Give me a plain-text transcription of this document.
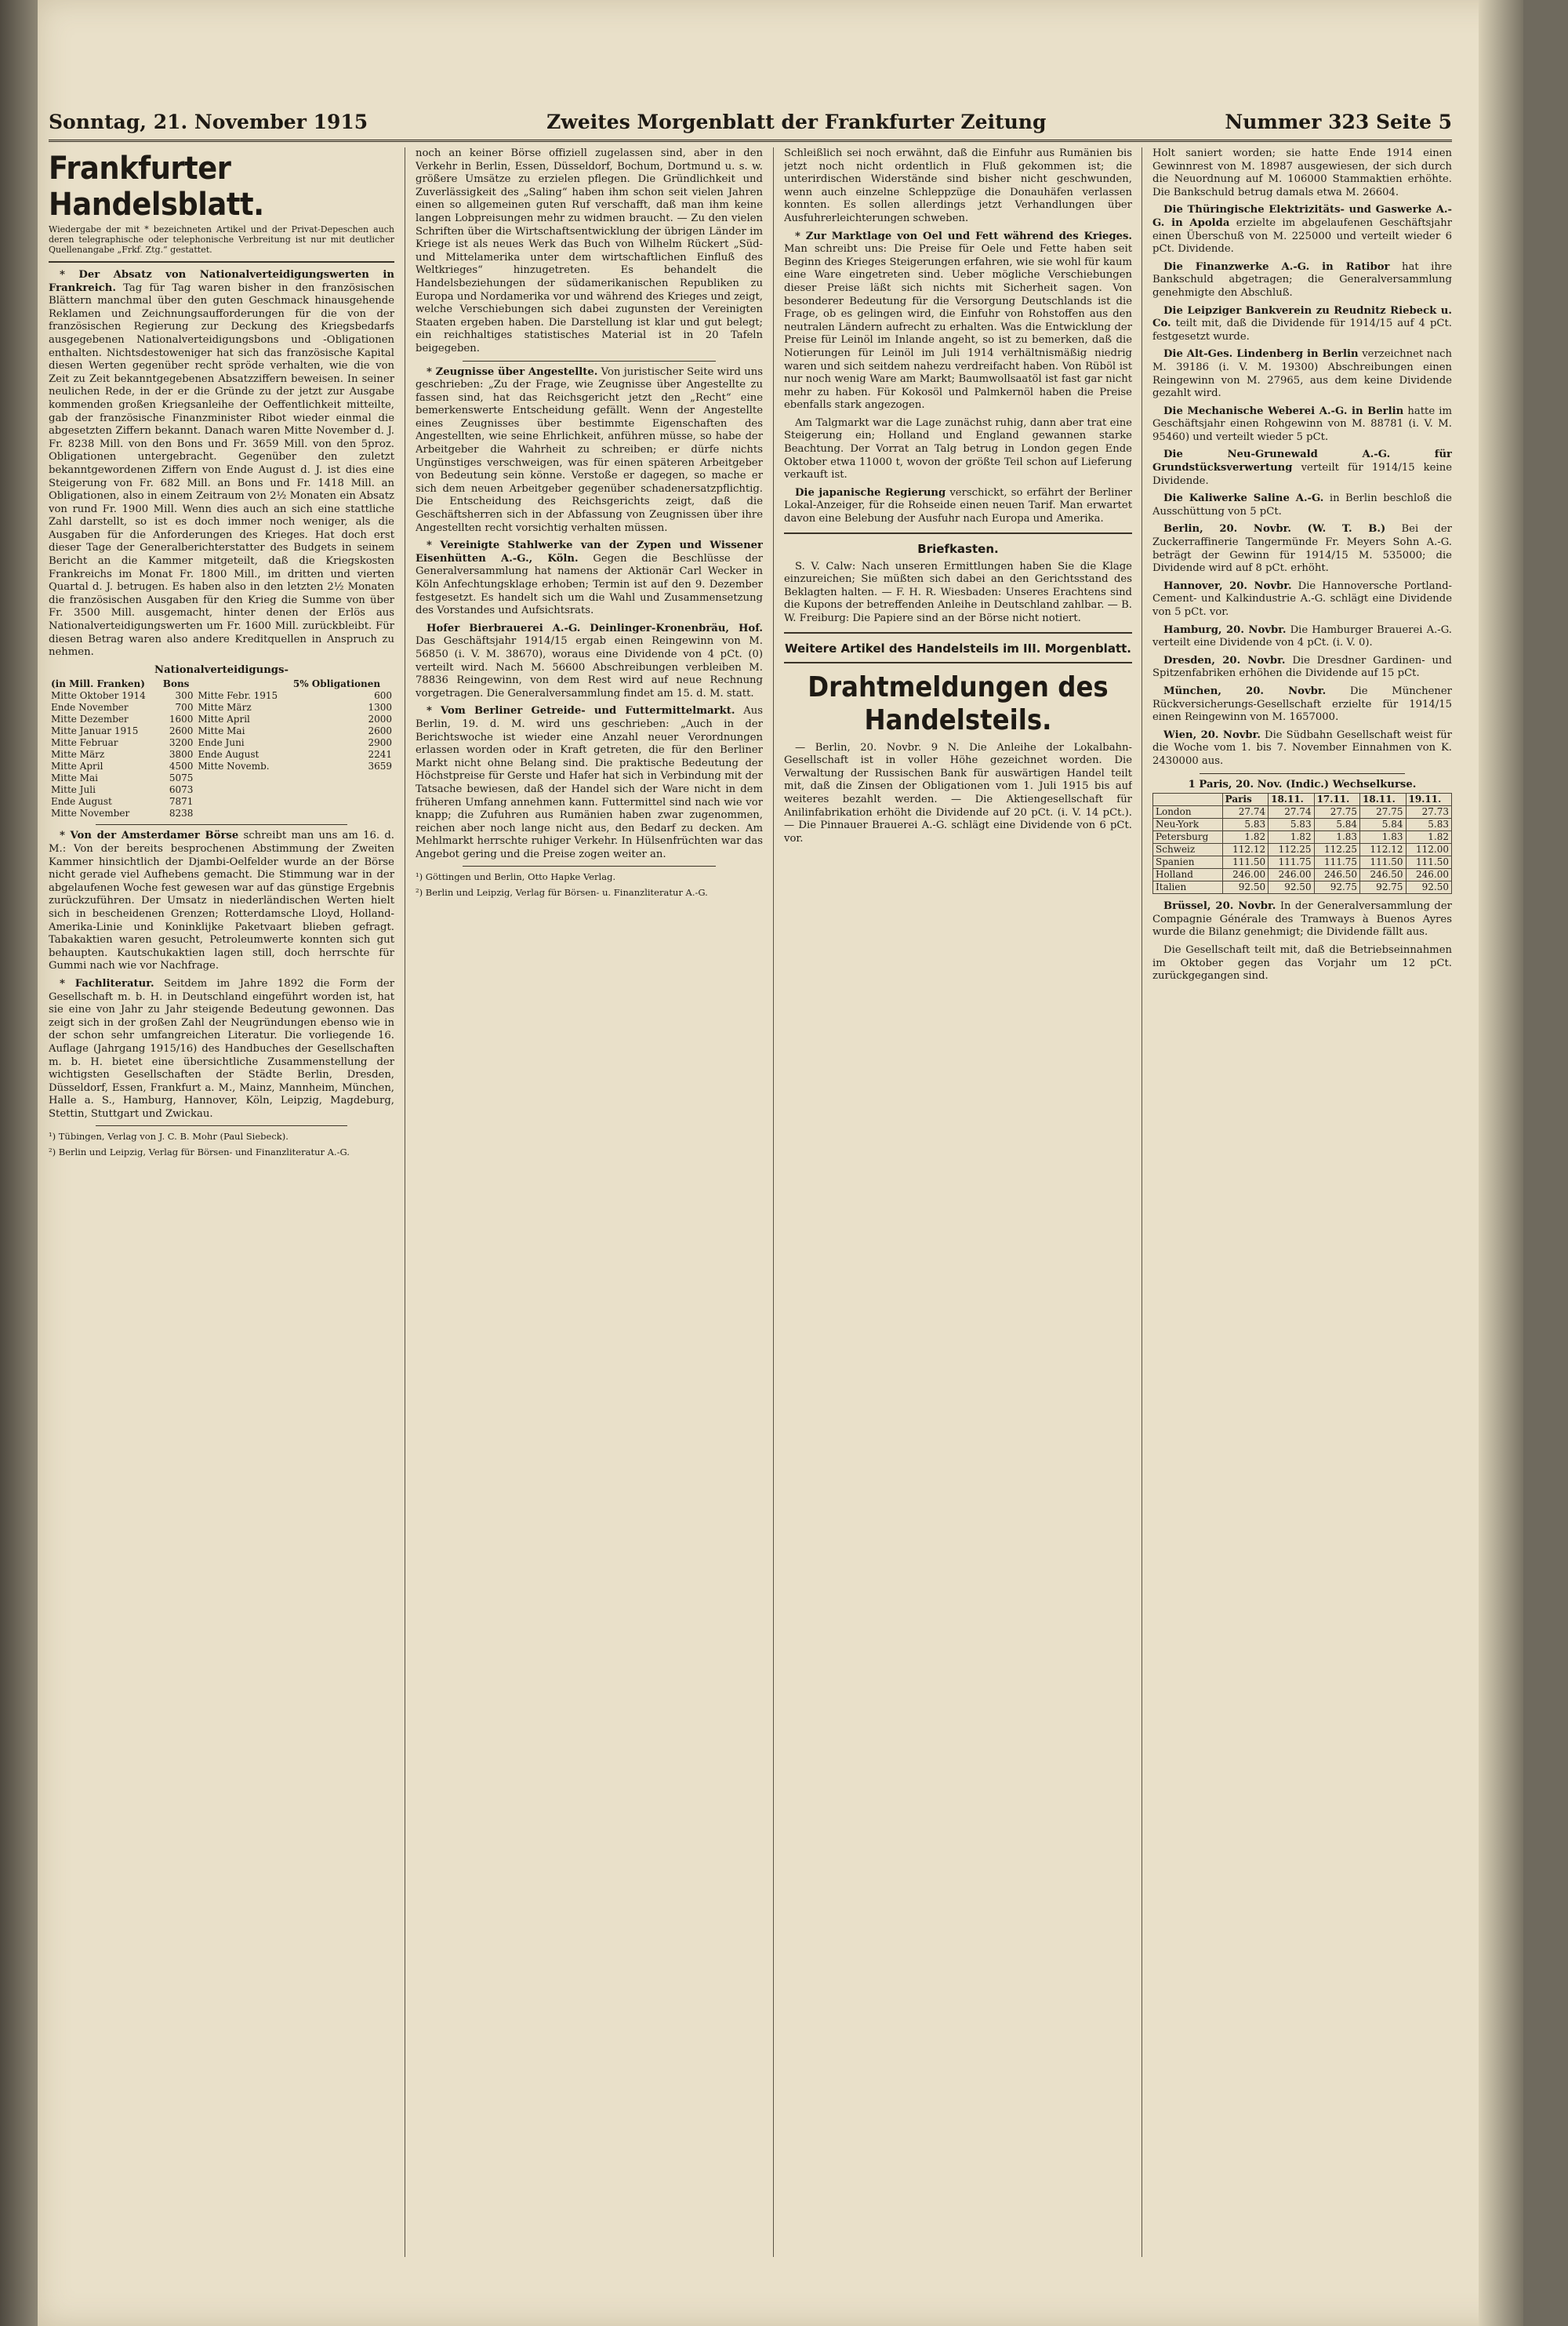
Sonntag, 21. November 1915	Zweites Morgenblatt der Frankfurter Zeitung	Nummer 323 Seite 5
Frankfurter Handelsblatt.
Wiedergabe der mit * bezeichneten Artikel und der Privat-Depeschen auch deren telegraphische oder telephonische Verbreitung ist nur mit deutlicher Quellenangabe „Frkf. Ztg.“ gestattet.

* Der Absatz von Nationalverteidigungswerten in Frankreich. Tag für Tag waren bisher in den französischen Blättern manchmal über den guten Geschmack hinausgehende Reklamen und Zeichnungsaufforderungen für die von der französischen Regierung zur Deckung des Kriegsbedarfs ausgegebenen Nationalverteidigungsbons und -Obligationen enthalten. Nichtsdestoweniger hat sich das französische Kapital diesen Werten gegenüber recht spröde verhalten, wie die von Zeit zu Zeit bekanntgegebenen Absatzziffern beweisen. In seiner neulichen Rede, in der er die Gründe zu der jetzt zur Ausgabe kommenden großen Kriegsanleihe der Oeffentlichkeit mitteilte, gab der französische Finanzminister Ribot wieder einmal die abgesetzten Ziffern bekannt. Danach waren Mitte November d. J. Fr. 8238 Mill. von den Bons und Fr. 3659 Mill. von den 5proz. Obligationen untergebracht. Gegenüber den zuletzt bekanntgewordenen Ziffern von Ende August d. J. ist dies eine Steigerung von Fr. 682 Mill. an Bons und Fr. 1418 Mill. an Obligationen, also in einem Zeitraum von 2½ Monaten ein Absatz von rund Fr. 1900 Mill. Wenn dies auch an sich eine stattliche Zahl darstellt, so ist es doch immer noch weniger, als die Ausgaben für die Anforderungen des Krieges. Hat doch erst dieser Tage der Generalberichterstatter des Budgets in seinem Bericht an die Kammer mitgeteilt, daß die Kriegskosten Frankreichs im Monat Fr. 1800 Mill., im dritten und vierten Quartal d. J. betrugen. Es haben also in den letzten 2½ Monaten die französischen Ausgaben für den Krieg die Summe von über Fr. 3500 Mill. ausgemacht, hinter denen der Erlös aus Nationalverteidigungswerten um Fr. 1600 Mill. zurückbleibt. Für diesen Betrag waren also andere Kreditquellen in Anspruch zu nehmen.

Nationalverteidigungs-
(in Mill. Franken)	Bons		5% Obligationen
Mitte Oktober 1914	300	Mitte Febr. 1915	600
Ende November	700	Mitte März	1300
Mitte Dezember	1600	Mitte April	2000
Mitte Januar 1915	2600	Mitte Mai	2600
Mitte Februar	3200	Ende Juni	2900
Mitte März	3800	Ende August	2241
Mitte April	4500	Mitte Novemb.	3659
Mitte Mai	5075		
Mitte Juli	6073		
Ende August	7871		
Mitte November	8238		

* Von der Amsterdamer Börse schreibt man uns am 16. d. M.: Von der bereits besprochenen Abstimmung der Zweiten Kammer hinsichtlich der Djambi-Oelfelder wurde an der Börse nicht gerade viel Aufhebens gemacht. Die Stimmung war in der abgelaufenen Woche fest gewesen war auf das günstige Ergebnis zurückzuführen. Der Umsatz in niederländischen Werten hielt sich in bescheidenen Grenzen; Rotterdamsche Lloyd, Holland-Amerika-Linie und Koninklijke Paketvaart blieben gefragt. Tabakaktien waren gesucht, Petroleumwerte konnten sich gut behaupten. Kautschukaktien lagen still, doch herrschte für Gummi nach wie vor Nachfrage.

* Fachliteratur. Seitdem im Jahre 1892 die Form der Gesellschaft m. b. H. in Deutschland eingeführt worden ist, hat sie eine von Jahr zu Jahr steigende Bedeutung gewonnen. Das zeigt sich in der großen Zahl der Neugründungen ebenso wie in der schon sehr umfangreichen Literatur. Die vorliegende 16. Auflage (Jahrgang 1915/16) des Handbuches der Gesellschaften m. b. H. bietet eine übersichtliche Zusammenstellung der wichtigsten Gesellschaften der Städte Berlin, Dresden, Düsseldorf, Essen, Frankfurt a. M., Mainz, Mannheim, München, Halle a. S., Hamburg, Hannover, Köln, Leipzig, Magdeburg, Stettin, Stuttgart und Zwickau.

¹) Tübingen, Verlag von J. C. B. Mohr (Paul Siebeck).
²) Berlin und Leipzig, Verlag für Börsen- und Finanzliteratur A.-G.

noch an keiner Börse offiziell zugelassen sind, aber in den Verkehr in Berlin, Essen, Düsseldorf, Bochum, Dortmund u. s. w. größere Umsätze zu erzielen pflegen. Die Gründlichkeit und Zuverlässigkeit des „Saling“ haben ihm schon seit vielen Jahren einen so allgemeinen guten Ruf verschafft, daß man ihm keine langen Lobpreisungen mehr zu widmen braucht. — Zu den vielen Schriften über die Wirtschaftsentwicklung der übrigen Länder im Kriege ist als neues Werk das Buch von Wilhelm Rückert „Süd- und Mittelamerika unter dem wirtschaftlichen Einfluß des Weltkrieges“ hinzugetreten. Es behandelt die Handelsbeziehungen der südamerikanischen Republiken zu Europa und Nordamerika vor und während des Krieges und zeigt, welche Verschiebungen sich dabei zugunsten der Vereinigten Staaten ergeben haben. Die Darstellung ist klar und gut belegt; ein reichhaltiges statistisches Material ist in 20 Tafeln beigegeben.

* Zeugnisse über Angestellte. Von juristischer Seite wird uns geschrieben: „Zu der Frage, wie Zeugnisse über Angestellte zu fassen sind, hat das Reichsgericht jetzt den „Recht“ eine bemerkenswerte Entscheidung gefällt. Wenn der Angestellte eines Zeugnisses über bestimmte Eigenschaften des Angestellten, wie seine Ehrlichkeit, anführen müsse, so habe der Arbeitgeber die Wahrheit zu schreiben; er dürfe nichts Ungünstiges verschweigen, was für einen späteren Arbeitgeber von Bedeutung sein könne. Verstoße er dagegen, so mache er sich dem neuen Arbeitgeber gegenüber schadenersatzpflichtig. Die Entscheidung des Reichsgerichts zeigt, daß die Geschäftsherren sich in der Abfassung von Zeugnissen über ihre Angestellten recht vorsichtig verhalten müssen.

* Vereinigte Stahlwerke van der Zypen und Wissener Eisenhütten A.-G., Köln. Gegen die Beschlüsse der Generalversammlung hat namens der Aktionär Carl Wecker in Köln Anfechtungsklage erhoben; Termin ist auf den 9. Dezember festgesetzt. Es handelt sich um die Wahl und Zusammensetzung des Vorstandes und Aufsichtsrats.

Hofer Bierbrauerei A.-G. Deinlinger-Kronenbräu, Hof. Das Geschäftsjahr 1914/15 ergab einen Reingewinn von M. 56850 (i. V. M. 38670), woraus eine Dividende von 4 pCt. (0) verteilt wird. Nach M. 56600 Abschreibungen verbleiben M. 78836 Reingewinn, von dem Rest wird auf neue Rechnung vorgetragen. Die Generalversammlung findet am 15. d. M. statt.

* Vom Berliner Getreide- und Futtermittelmarkt. Aus Berlin, 19. d. M. wird uns geschrieben: „Auch in der Berichtswoche ist wieder eine Anzahl neuer Verordnungen erlassen worden oder in Kraft getreten, die für den Berliner Markt nicht ohne Belang sind. Die praktische Bedeutung der Höchstpreise für Gerste und Hafer hat sich in Verbindung mit der Tatsache bewiesen, daß der Handel sich der Ware nicht in dem früheren Umfang annehmen kann. Futtermittel sind nach wie vor knapp; die Zufuhren aus Rumänien haben zwar zugenommen, reichen aber noch lange nicht aus, den Bedarf zu decken. Am Mehlmarkt herrschte ruhiger Verkehr. In Hülsenfrüchten war das Angebot gering und die Preise zogen weiter an.

¹) Göttingen und Berlin, Otto Hapke Verlag.
²) Berlin und Leipzig, Verlag für Börsen- u. Finanzliteratur A.-G.

Schleißlich sei noch erwähnt, daß die Einfuhr aus Rumänien bis jetzt noch nicht ordentlich in Fluß gekommen ist; die unterirdischen Widerstände sind bisher nicht geschwunden, wenn auch einzelne Schleppzüge die Donauhäfen verlassen konnten. Es sollen allerdings jetzt Verhandlungen über Ausfuhrerleichterungen schweben.

* Zur Marktlage von Oel und Fett während des Krieges. Man schreibt uns: Die Preise für Oele und Fette haben seit Beginn des Krieges Steigerungen erfahren, wie sie wohl für kaum eine Ware eingetreten sind. Ueber mögliche Verschiebungen dieser Preise läßt sich nichts mit Sicherheit sagen. Von besonderer Bedeutung für die Versorgung Deutschlands ist die Frage, ob es gelingen wird, die Einfuhr von Rohstoffen aus den neutralen Ländern aufrecht zu erhalten. Was die Entwicklung der Preise für Leinöl im Inlande angeht, so ist zu bemerken, daß die Notierungen für Leinöl im Juli 1914 verhältnismäßig niedrig waren und sich seitdem nahezu verdreifacht haben. Von Rüböl ist nur noch wenig Ware am Markt; Baumwollsaatöl ist fast gar nicht mehr zu haben. Für Kokosöl und Palmkernöl haben die Preise ebenfalls stark angezogen.

Am Talgmarkt war die Lage zunächst ruhig, dann aber trat eine Steigerung ein; Holland und England gewannen starke Beachtung. Der Vorrat an Talg betrug in London gegen Ende Oktober etwa 11000 t, wovon der größte Teil schon auf Lieferung verkauft ist.

Die japanische Regierung verschickt, so erfährt der Berliner Lokal-Anzeiger, für die Rohseide einen neuen Tarif. Man erwartet davon eine Belebung der Ausfuhr nach Europa und Amerika.

Briefkasten.

S. V. Calw: Nach unseren Ermittlungen haben Sie die Klage einzureichen; Sie müßten sich dabei an den Gerichtsstand des Beklagten halten. — F. H. R. Wiesbaden: Unseres Erachtens sind die Kupons der betreffenden Anleihe in Deutschland zahlbar. — B. W. Freiburg: Die Papiere sind an der Börse nicht notiert.

Weitere Artikel des Handelsteils im III. Morgenblatt.
Drahtmeldungen des Handelsteils.

— Berlin, 20. Novbr. 9 N. Die Anleihe der Lokalbahn-Gesellschaft ist in voller Höhe gezeichnet worden. Die Verwaltung der Russischen Bank für auswärtigen Handel teilt mit, daß die Zinsen der Obligationen vom 1. Juli 1915 bis auf weiteres bezahlt werden. — Die Aktiengesellschaft für Anilinfabrikation erhöht die Dividende auf 20 pCt. (i. V. 14 pCt.). — Die Pinnauer Brauerei A.-G. schlägt eine Dividende von 6 pCt. vor.

Holt saniert worden; sie hatte Ende 1914 einen Gewinnrest von M. 18987 ausgewiesen, der sich durch die Neuordnung auf M. 106000 Stammaktien erhöhte. Die Bankschuld betrug damals etwa M. 26604.

Die Thüringische Elektrizitäts- und Gaswerke A.-G. in Apolda erzielte im abgelaufenen Geschäftsjahr einen Überschuß von M. 225000 und verteilt wieder 6 pCt. Dividende.

Die Finanzwerke A.-G. in Ratibor hat ihre Bankschuld abgetragen; die Generalversammlung genehmigte den Abschluß.

Die Leipziger Bankverein zu Reudnitz Riebeck u. Co. teilt mit, daß die Dividende für 1914/15 auf 4 pCt. festgesetzt wurde.

Die Alt-Ges. Lindenberg in Berlin verzeichnet nach M. 39186 (i. V. M. 19300) Abschreibungen einen Reingewinn von M. 27965, aus dem keine Dividende gezahlt wird.

Die Mechanische Weberei A.-G. in Berlin hatte im Geschäftsjahr einen Rohgewinn von M. 88781 (i. V. M. 95460) und verteilt wieder 5 pCt.

Die Neu-Grunewald A.-G. für Grundstücksverwertung verteilt für 1914/15 keine Dividende.

Die Kaliwerke Saline A.-G. in Berlin beschloß die Ausschüttung von 5 pCt.

Berlin, 20. Novbr. (W. T. B.) Bei der Zuckerraffinerie Tangermünde Fr. Meyers Sohn A.-G. beträgt der Gewinn für 1914/15 M. 535000; die Dividende wird auf 8 pCt. erhöht.

Hannover, 20. Novbr. Die Hannoversche Portland-Cement- und Kalkindustrie A.-G. schlägt eine Dividende von 5 pCt. vor.

Hamburg, 20. Novbr. Die Hamburger Brauerei A.-G. verteilt eine Dividende von 4 pCt. (i. V. 0).

Dresden, 20. Novbr. Die Dresdner Gardinen- und Spitzenfabriken erhöhen die Dividende auf 15 pCt.

München, 20. Novbr. Die Münchener Rückversicherungs-Gesellschaft erzielte für 1914/15 einen Reingewinn von M. 1657000.

Wien, 20. Novbr. Die Südbahn Gesellschaft weist für die Woche vom 1. bis 7. November Einnahmen von K. 2430000 aus.

1 Paris, 20. Nov. (Indic.) Wechselkurse.
	Paris	18.11.	17.11.	18.11.	19.11.
London	27.74	27.74	27.75	27.75	27.73
Neu-York	5.83	5.83	5.84	5.84	5.83
Petersburg	1.82	1.82	1.83	1.83	1.82
Schweiz	112.12	112.25	112.25	112.12	112.00
Spanien	111.50	111.75	111.75	111.50	111.50
Holland	246.00	246.00	246.50	246.50	246.00
Italien	92.50	92.50	92.75	92.75	92.50

Brüssel, 20. Novbr. In der Generalversammlung der Compagnie Générale des Tramways à Buenos Ayres wurde die Bilanz genehmigt; die Dividende fällt aus.

Die Gesellschaft teilt mit, daß die Betriebseinnahmen im Oktober gegen das Vorjahr um 12 pCt. zurückgegangen sind.
